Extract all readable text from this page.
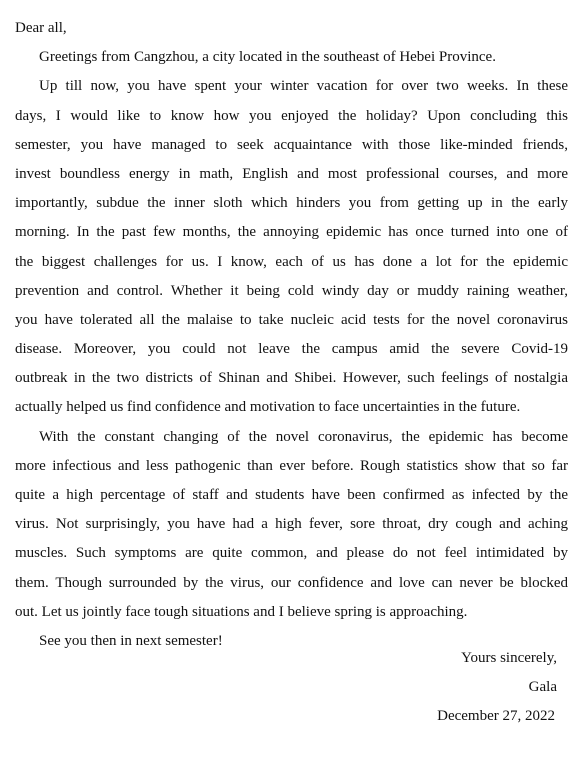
Dear all,
Greetings from Cangzhou, a city located in the southeast of Hebei Province.
Up till now, you have spent your winter vacation for over two weeks. In these
days, I would like to know how you enjoyed the holiday? Upon concluding this
semester, you have managed to seek acquaintance with those like-minded friends,
invest boundless energy in math, English and most professional courses, and more
importantly, subdue the inner sloth which hinders you from getting up in the early
morning. In the past few months, the annoying epidemic has once turned into one of
the biggest challenges for us. I know, each of us has done a lot for the epidemic
prevention and control. Whether it being cold windy day or muddy raining weather,
you have tolerated all the malaise to take nucleic acid tests for the novel coronavirus
disease. Moreover, you could not leave the campus amid the severe Covid-19
outbreak in the two districts of Shinan and Shibei. However, such feelings of nostalgia
actually helped us find confidence and motivation to face uncertainties in the future.
With the constant changing of the novel coronavirus, the epidemic has become
more infectious and less pathogenic than ever before. Rough statistics show that so far
quite a high percentage of staff and students have been confirmed as infected by the
virus. Not surprisingly, you have had a high fever, sore throat, dry cough and aching
muscles. Such symptoms are quite common, and please do not feel intimidated by
them. Though surrounded by the virus, our confidence and love can never be blocked
out. Let us jointly face tough situations and I believe spring is approaching.
See you then in next semester!
Yours sincerely,
Gala
December 27, 2022
